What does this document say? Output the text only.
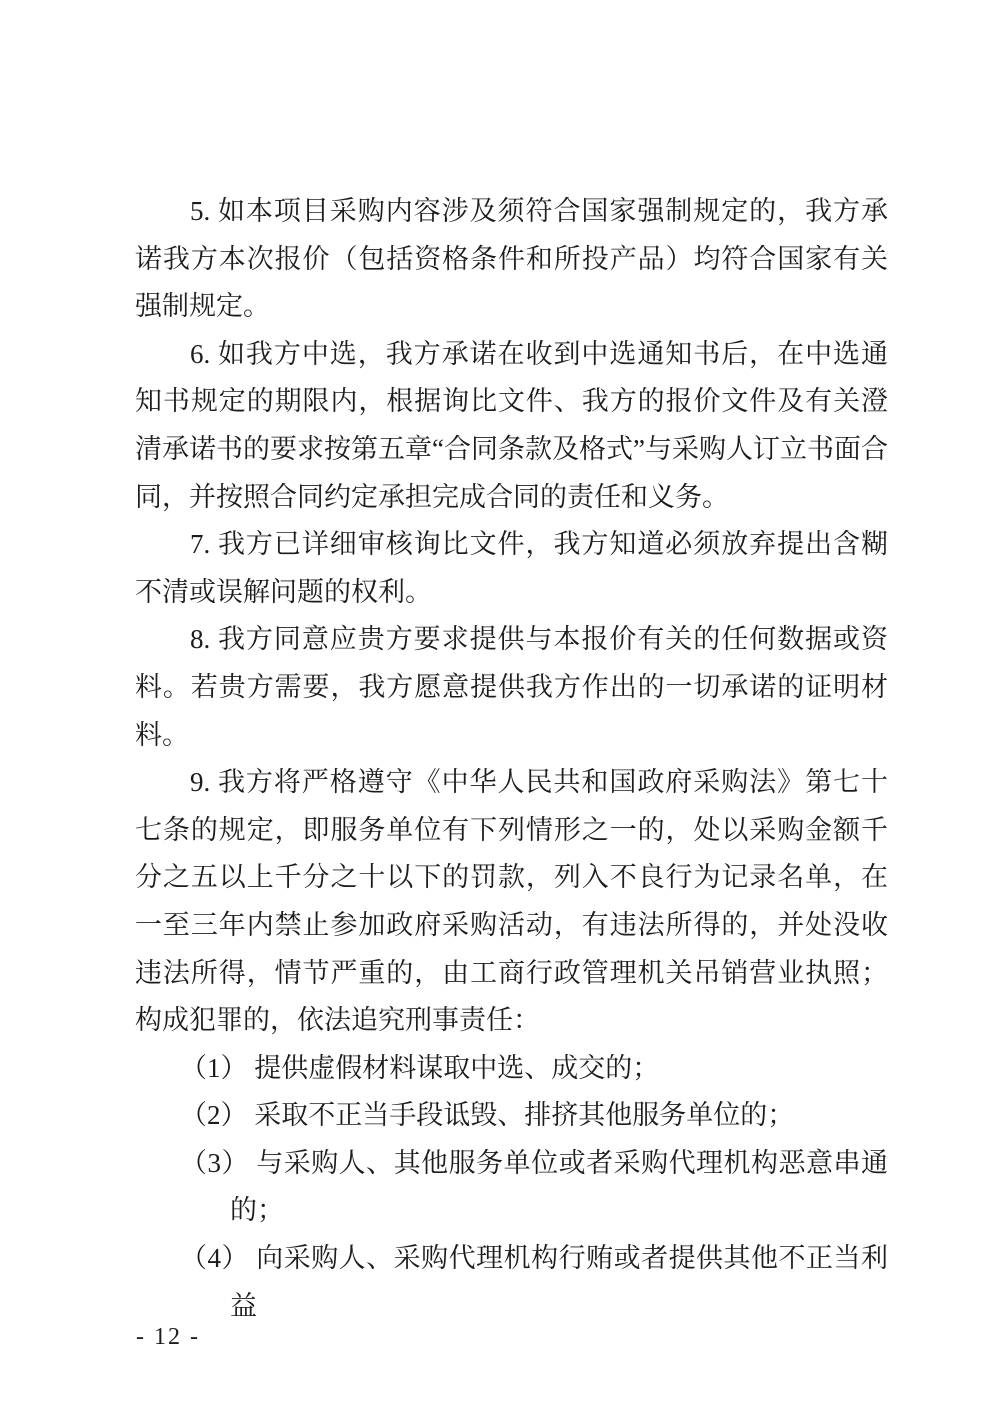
5. 如本项目采购内容涉及须符合国家强制规定的，我方承诺我方本次报价（包括资格条件和所投产品）均符合国家有关强制规定。

6. 如我方中选，我方承诺在收到中选通知书后，在中选通知书规定的期限内，根据询比文件、我方的报价文件及有关澄清承诺书的要求按第五章“合同条款及格式”与采购人订立书面合同，并按照合同约定承担完成合同的责任和义务。

7. 我方已详细审核询比文件，我方知道必须放弃提出含糊不清或误解问题的权利。

8. 我方同意应贵方要求提供与本报价有关的任何数据或资料。若贵方需要，我方愿意提供我方作出的一切承诺的证明材料。

9. 我方将严格遵守《中华人民共和国政府采购法》第七十七条的规定，即服务单位有下列情形之一的，处以采购金额千分之五以上千分之十以下的罚款，列入不良行为记录名单，在一至三年内禁止参加政府采购活动，有违法所得的，并处没收违法所得，情节严重的，由工商行政管理机关吊销营业执照；构成犯罪的，依法追究刑事责任：

（1） 提供虚假材料谋取中选、成交的；

（2） 采取不正当手段诋毁、排挤其他服务单位的；

（3） 与采购人、其他服务单位或者采购代理机构恶意串通的；

（4） 向采购人、采购代理机构行贿或者提供其他不正当利益

- 12 -
